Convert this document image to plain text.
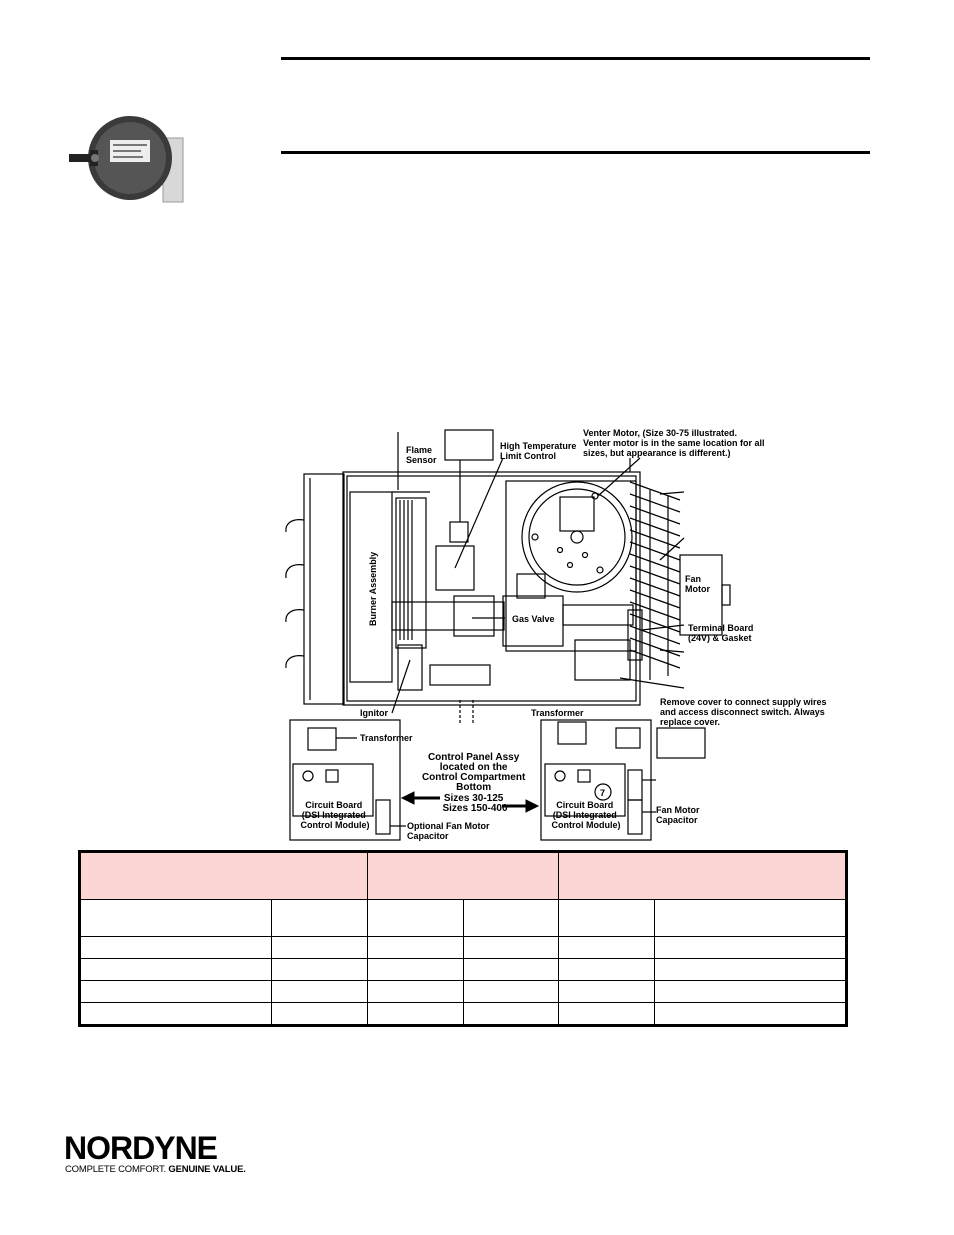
Flame Sensor
High Temperature Limit Control
Venter Motor, (Size 30-75 illustrated. Venter motor is in the same location for all sizes, but appearance is different.)
Burner Assembly	Fan Motor
Gas Valve
Terminal Board (24V) & Gasket
Remove cover to connect supply wires and access disconnect switch. Always replace cover.
Ignitor
Transformer
Transformer
Control Panel Assy located on the Control Compartment Bottom Sizes 30-125 Sizes 150-400
Circuit Board (DSI Integrated Control Module)
Circuit Board (DSI Integrated Control Module)
Optional Fan Motor Capacitor
Fan Motor Capacitor
7

NORDYNE
COMPLETE COMFORT. GENUINE VALUE.
